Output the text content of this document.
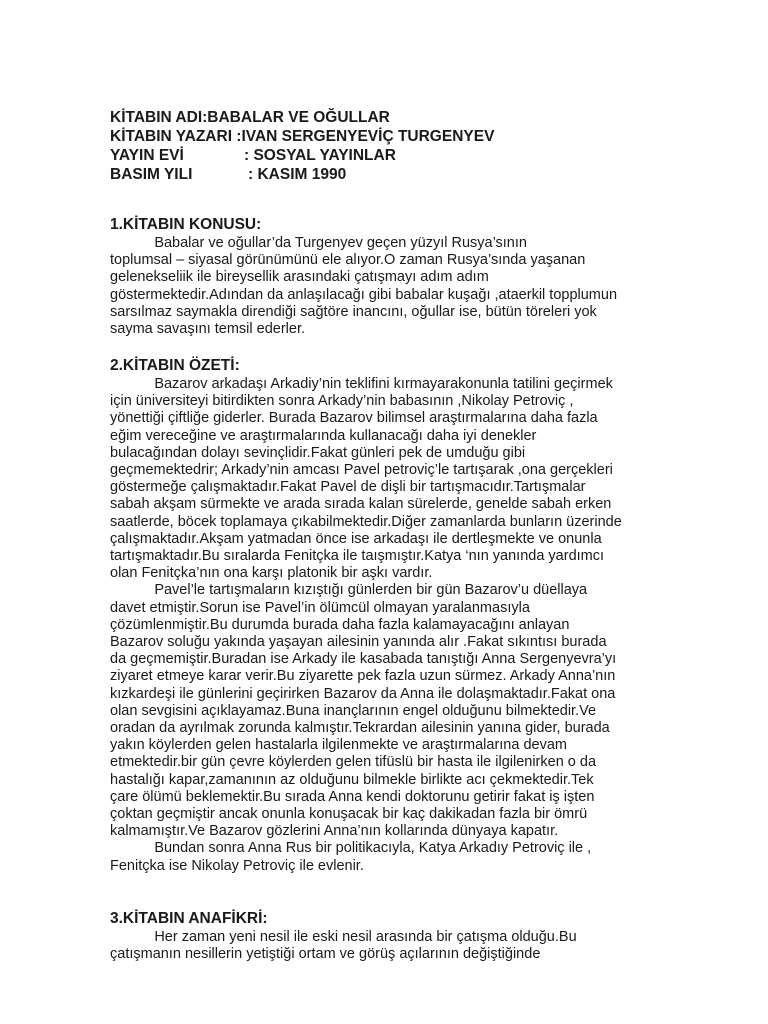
KİTABIN ADI: BABALAR VE OĞULLAR
KİTABIN YAZARI : IVAN SERGENYEVİÇ TURGENYEV
YAYIN EVİ	: SOSYAL YAYINLAR
BASIM YILI	: KASIM 1990
1.KİTABIN KONUSU:
Babalar ve oğullar’da Turgenyev geçen yüzyıl Rusya’sının
toplumsal – siyasal görünümünü ele alıyor.O zaman Rusya’sında yaşanan
gelenekseliik ile bireysellik arasındaki çatışmayı adım adım
göstermektedir.Adından da anlaşılacağı gibi babalar kuşağı ,ataerkil topplumun
sarsılmaz saymakla direndiği sağtöre inancını, oğullar ise, bütün töreleri yok
sayma savaşını temsil ederler.
2.KİTABIN ÖZETİ:
Bazarov arkadaşı Arkadiy’nin teklifini kırmayarakonunla tatilini geçirmek
için üniversiteyi bitirdikten sonra Arkady’nin babasının ,Nikolay Petroviç ,
yönettiği çiftliğe giderler. Burada Bazarov bilimsel araştırmalarına daha fazla
eğim vereceğine ve araştırmalarında kullanacağı daha iyi denekler
bulacağından dolayı sevinçlidir.Fakat günleri pek de umduğu gibi
geçmemektedrir; Arkady’nin amcası Pavel petroviç’le tartışarak ,ona gerçekleri
göstermeğe çalışmaktadır.Fakat Pavel de dişli bir tartışmacıdır.Tartışmalar
sabah akşam sürmekte ve arada sırada kalan sürelerde, genelde sabah erken
saatlerde, böcek toplamaya çıkabilmektedir.Diğer zamanlarda bunların üzerinde
çalışmaktadır.Akşam yatmadan önce ise arkadaşı ile dertleşmekte ve onunla
tartışmaktadır.Bu sıralarda Fenitçka ile taışmıştır.Katya ‘nın yanında yardımcı
olan Fenitçka’nın ona karşı platonik bir aşkı vardır.
Pavel’le tartışmaların kızıştığı günlerden bir gün Bazarov’u düellaya
davet etmiştir.Sorun ise Pavel’in ölümcül olmayan yaralanmasıyla
çözümlenmiştir.Bu durumda burada daha fazla kalamayacağını anlayan
Bazarov soluğu yakında yaşayan ailesinin yanında alır .Fakat sıkıntısı burada
da geçmemiştir.Buradan ise Arkady ile kasabada tanıştığı Anna Sergenyevra’yı
ziyaret etmeye karar verir.Bu ziyarette pek fazla uzun sürmez. Arkady Anna’nın
kızkardeşi ile günlerini geçirirken Bazarov da Anna ile dolaşmaktadır.Fakat ona
olan sevgisini açıklayamaz.Buna inançlarının engel olduğunu bilmektedir.Ve
oradan da ayrılmak zorunda kalmıştır.Tekrardan ailesinin yanına gider, burada
yakın köylerden gelen hastalarla ilgilenmekte ve araştırmalarına devam
etmektedir.bir gün çevre köylerden gelen tifüslü bir hasta ile ilgilenirken o da
hastalığı kapar,zamanının az olduğunu bilmekle birlikte acı çekmektedir.Tek
çare ölümü beklemektir.Bu sırada Anna kendi doktorunu getirir fakat iş işten
çoktan geçmiştir ancak onunla konuşacak bir kaç dakikadan fazla bir ömrü
kalmamıştır.Ve Bazarov gözlerini Anna’nın kollarında dünyaya kapatır.
Bundan sonra Anna Rus bir politikacıyla, Katya Arkadıy Petroviç ile ,
Fenitçka ise Nikolay Petroviç ile evlenir.
3.KİTABIN ANAFİKRİ:
Her zaman yeni nesil ile eski nesil arasında bir çatışma olduğu.Bu
çatışmanın nesillerin yetiştiği ortam ve görüş açılarının değiştiğinde
